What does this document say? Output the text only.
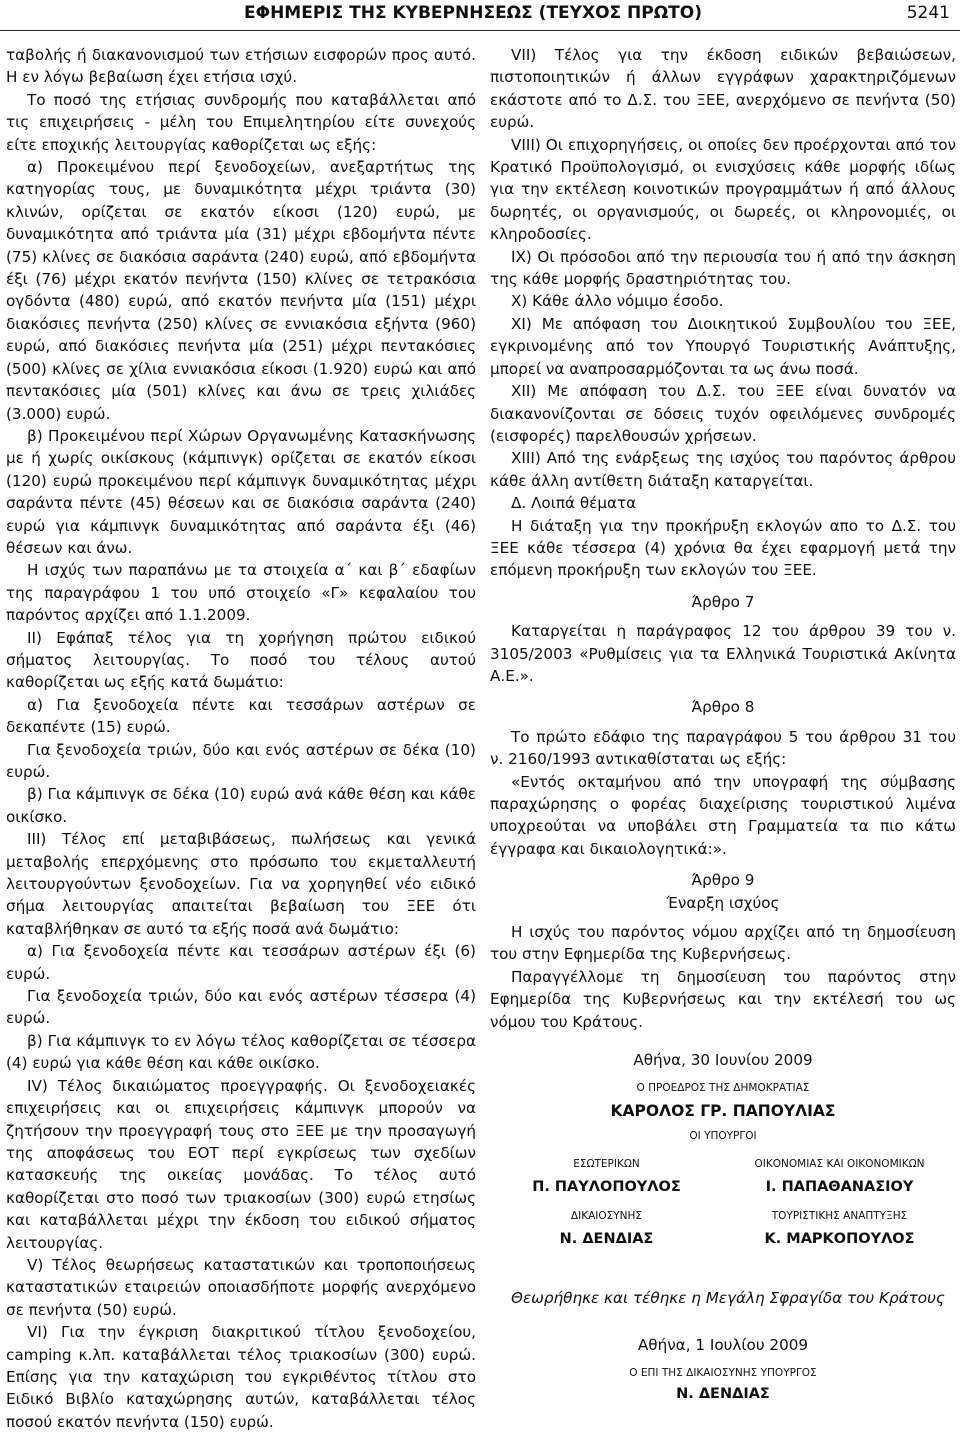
ΕΦΗΜΕΡΙΣ ΤΗΣ ΚΥΒΕΡΝΗΣΕΩΣ (ΤΕΥΧΟΣ ΠΡΩΤΟ)	5241

ταβολής ή διακανονισμού των ετήσιων εισφορών προς αυτό. Η εν λόγω βεβαίωση έχει ετήσια ισχύ.

Το ποσό της ετήσιας συνδρομής που καταβάλλεται από τις επιχειρήσεις - μέλη του Επιμελητηρίου είτε συνεχούς είτε εποχικής λειτουργίας καθορίζεται ως εξής:

α) Προκειμένου περί ξενοδοχείων, ανεξαρτήτως της κατηγορίας τους, με δυναμικότητα μέχρι τριάντα (30) κλινών, ορίζεται σε εκατόν είκοσι (120) ευρώ, με δυναμικότητα από τριάντα μία (31) μέχρι εβδομήντα πέντε (75) κλίνες σε διακόσια σαράντα (240) ευρώ, από εβδομήντα έξι (76) μέχρι εκατόν πενήντα (150) κλίνες σε τετρακόσια ογδόντα (480) ευρώ, από εκατόν πενήντα μία (151) μέχρι διακόσιες πενήντα (250) κλίνες σε εννιακόσια εξήντα (960) ευρώ, από διακόσιες πενήντα μία (251) μέχρι πεντακόσιες (500) κλίνες σε χίλια εννιακόσια είκοσι (1.920) ευρώ και από πεντακόσιες μία (501) κλίνες και άνω σε τρεις χιλιάδες (3.000) ευρώ.

β) Προκειμένου περί Χώρων Οργανωμένης Κατασκήνωσης με ή χωρίς οικίσκους (κάμπινγκ) ορίζεται σε εκατόν είκοσι (120) ευρώ προκειμένου περί κάμπινγκ δυναμικότητας μέχρι σαράντα πέντε (45) θέσεων και σε διακόσια σαράντα (240) ευρώ για κάμπινγκ δυναμικότητας από σαράντα έξι (46) θέσεων και άνω.

Η ισχύς των παραπάνω με τα στοιχεία α΄ και β΄ εδαφίων της παραγράφου 1 του υπό στοιχείο «Γ» κεφαλαίου του παρόντος αρχίζει από 1.1.2009.

ΙΙ) Εφάπαξ τέλος για τη χορήγηση πρώτου ειδικού σήματος λειτουργίας. Το ποσό του τέλους αυτού καθορίζεται ως εξής κατά δωμάτιο:

α) Για ξενοδοχεία πέντε και τεσσάρων αστέρων σε δεκαπέντε (15) ευρώ.

Για ξενοδοχεία τριών, δύο και ενός αστέρων σε δέκα (10) ευρώ.

β) Για κάμπινγκ σε δέκα (10) ευρώ ανά κάθε θέση και κάθε οικίσκο.

ΙΙΙ) Τέλος επί μεταβιβάσεως, πωλήσεως και γενικά μεταβολής επερχόμενης στο πρόσωπο του εκμεταλλευτή λειτουργούντων ξενοδοχείων. Για να χορηγηθεί νέο ειδικό σήμα λειτουργίας απαιτείται βεβαίωση του ΞΕΕ ότι καταβλήθηκαν σε αυτό τα εξής ποσά ανά δωμάτιο:

α) Για ξενοδοχεία πέντε και τεσσάρων αστέρων έξι (6) ευρώ.

Για ξενοδοχεία τριών, δύο και ενός αστέρων τέσσερα (4) ευρώ.

β) Για κάμπινγκ το εν λόγω τέλος καθορίζεται σε τέσσερα (4) ευρώ για κάθε θέση και κάθε οικίσκο.

ΙV) Τέλος δικαιώματος προεγγραφής. Οι ξενοδοχειακές επιχειρήσεις και οι επιχειρήσεις κάμπινγκ μπορούν να ζητήσουν την προεγγραφή τους στο ΞΕΕ με την προσαγωγή της αποφάσεως του ΕΟΤ περί εγκρίσεως των σχεδίων κατασκευής της οικείας μονάδας. Το τέλος αυτό καθορίζεται στο ποσό των τριακοσίων (300) ευρώ ετησίως και καταβάλλεται μέχρι την έκδοση του ειδικού σήματος λειτουργίας.

V) Τέλος θεωρήσεως καταστατικών και τροποποιήσεως καταστατικών εταιρειών οποιασδήποτε μορφής ανερχόμενο σε πενήντα (50) ευρώ.

VΙ) Για την έγκριση διακριτικού τίτλου ξενοδοχείου, camping κ.λπ. καταβάλλεται τέλος τριακοσίων (300) ευρώ. Επίσης για την καταχώριση του εγκριθέντος τίτλου στο Ειδικό Βιβλίο καταχώρησης αυτών, καταβάλλεται τέλος ποσού εκατόν πενήντα (150) ευρώ.

VΙΙ) Τέλος για την έκδοση ειδικών βεβαιώσεων, πιστοποιητικών ή άλλων εγγράφων χαρακτηριζόμενων εκάστοτε από το Δ.Σ. του ΞΕΕ, ανερχόμενο σε πενήντα (50) ευρώ.

VΙΙΙ) Οι επιχορηγήσεις, οι οποίες δεν προέρχονται από τον Κρατικό Προϋπολογισμό, οι ενισχύσεις κάθε μορφής ιδίως για την εκτέλεση κοινοτικών προγραμμάτων ή από άλλους δωρητές, οι οργανισμούς, οι δωρεές, οι κληρονομιές, οι κληροδοσίες.

ΙΧ) Οι πρόσοδοι από την περιουσία του ή από την άσκηση της κάθε μορφής δραστηριότητας του.

Χ) Κάθε άλλο νόμιμο έσοδο.

ΧΙ) Με απόφαση του Διοικητικού Συμβουλίου του ΞΕΕ, εγκρινομένης από τον Υπουργό Τουριστικής Ανάπτυξης, μπορεί να αναπροσαρμόζονται τα ως άνω ποσά.

ΧΙΙ) Με απόφαση του Δ.Σ. του ΞΕΕ είναι δυνατόν να διακανονίζονται σε δόσεις τυχόν οφειλόμενες συνδρομές (εισφορές) παρελθουσών χρήσεων.

ΧΙΙΙ) Από της ενάρξεως της ισχύος του παρόντος άρθρου κάθε άλλη αντίθετη διάταξη καταργείται.

Δ. Λοιπά θέματα

Η διάταξη για την προκήρυξη εκλογών απο το Δ.Σ. του ΞΕΕ κάθε τέσσερα (4) χρόνια θα έχει εφαρμογή μετά την επόμενη προκήρυξη των εκλογών του ΞΕΕ.

Άρθρο 7

Καταργείται η παράγραφος 12 του άρθρου 39 του ν. 3105/2003 «Ρυθμίσεις για τα Ελληνικά Τουριστικά Ακίνητα Α.Ε.».

Άρθρο 8

Το πρώτο εδάφιο της παραγράφου 5 του άρθρου 31 του ν. 2160/1993 αντικαθίσταται ως εξής:

«Εντός οκταμήνου από την υπογραφή της σύμβασης παραχώρησης ο φορέας διαχείρισης τουριστικού λιμένα υποχρεούται να υποβάλει στη Γραμματεία τα πιο κάτω έγγραφα και δικαιολογητικά:».

Άρθρο 9

Έναρξη ισχύος

Η ισχύς του παρόντος νόμου αρχίζει από τη δημοσίευση του στην Εφημερίδα της Κυβερνήσεως.

Παραγγέλλομε τη δημοσίευση του παρόντος στην Εφημερίδα της Κυβερνήσεως και την εκτέλεσή του ως νόμου του Κράτους.

Αθήνα, 30 Ιουνίου 2009

Ο ΠΡΟΕΔΡΟΣ ΤΗΣ ΔΗΜΟΚΡΑΤΙΑΣ

ΚΑΡΟΛΟΣ ΓΡ. ΠΑΠΟΥΛΙΑΣ

ΟΙ ΥΠΟΥΡΓΟΙ

ΕΣΩΤΕΡΙΚΩΝ

Π. ΠΑΥΛΟΠΟΥΛΟΣ

ΟΙΚΟΝΟΜΙΑΣ ΚΑΙ ΟΙΚΟΝΟΜΙΚΩΝ

Ι. ΠΑΠΑΘΑΝΑΣΙΟΥ

ΔΙΚΑΙΟΣΥΝΗΣ

Ν. ΔΕΝΔΙΑΣ

ΤΟΥΡΙΣΤΙΚΗΣ ΑΝΑΠΤΥΞΗΣ

Κ. ΜΑΡΚΟΠΟΥΛΟΣ

Θεωρήθηκε και τέθηκε η Μεγάλη Σφραγίδα του Κράτους

Αθήνα, 1 Ιουλίου 2009

Ο ΕΠΙ ΤΗΣ ΔΙΚΑΙΟΣΥΝΗΣ ΥΠΟΥΡΓΟΣ

Ν. ΔΕΝΔΙΑΣ
